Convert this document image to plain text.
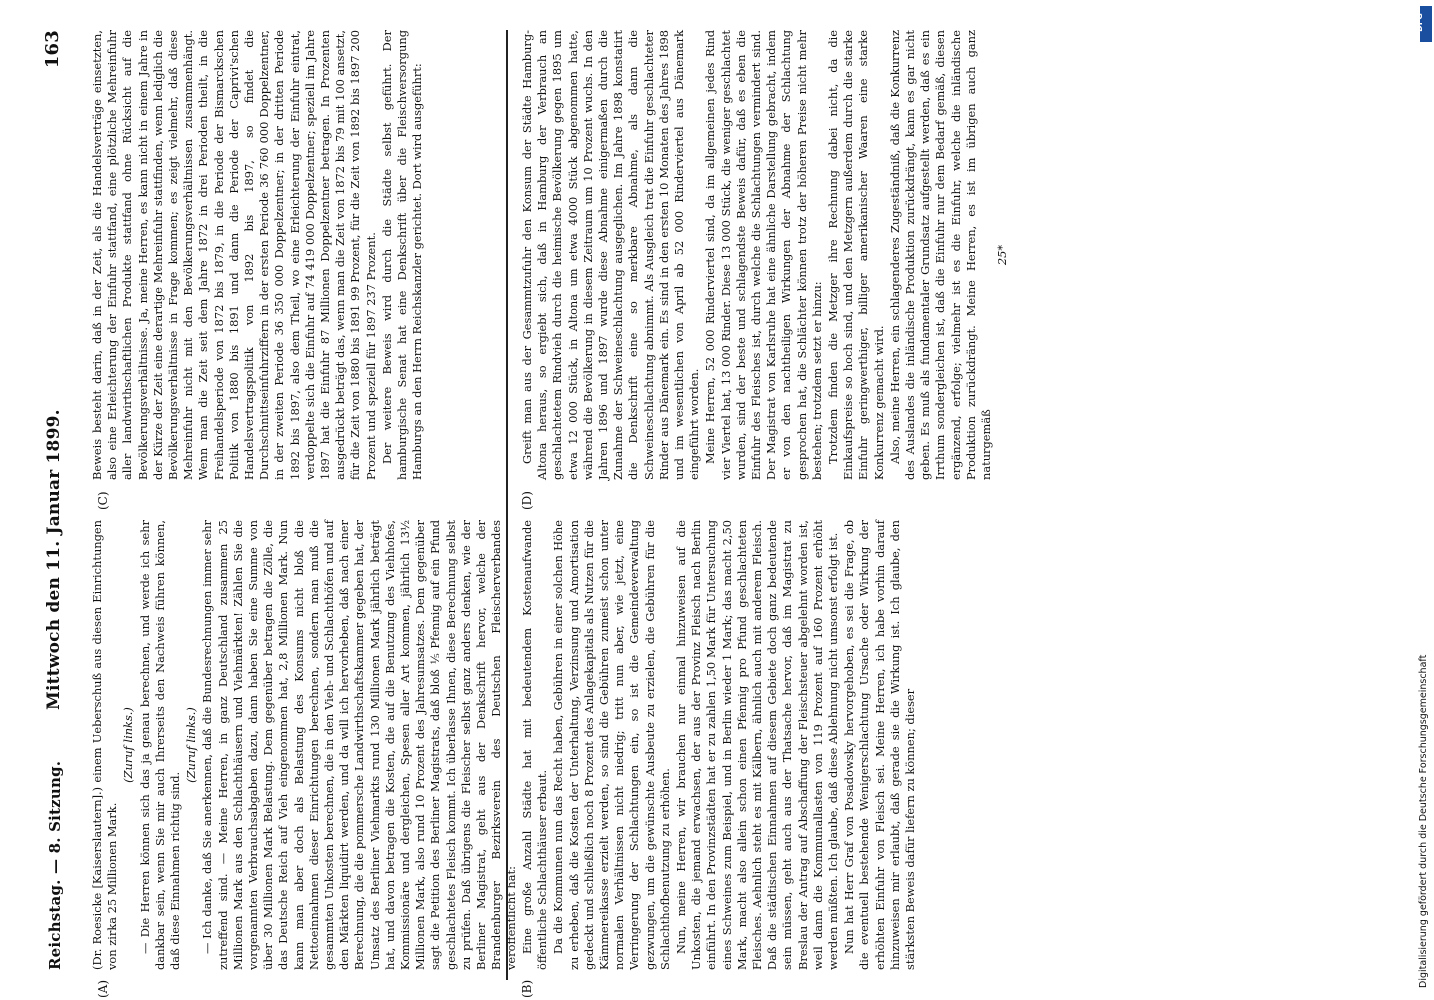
Reichstag. — 8. Sitzung.
Mittwoch den 11. Januar 1899.
163
(A)	(B)
(C)	(D)

(Dr. Roesicke [Kaiserslautern].) einem Ueberschuß aus diesen Einrichtungen von zirka 25 Millionen Mark.

(Zuruf links.) — Die Herren können sich das ja genau berechnen, und werde ich sehr dankbar sein, wenn Sie mir auch Ihrerseits den Nachweis führen können, daß diese Einnahmen richtig sind.

(Zuruf links.) — Ich danke, daß Sie anerkennen, daß die Bundesrechnungen immer sehr zutreffend sind. — Meine Herren, in ganz Deutschland zusammen 25 Millionen Mark aus den Schlachthäusern und Viehmärkten! Zählen Sie die vorgenannten Verbrauchsabgaben dazu, dann haben Sie eine Summe von über 30 Millionen Mark Belastung. Dem gegenüber betragen die Zölle, die das Deutsche Reich auf Vieh eingenommen hat, 2,8 Millionen Mark. Nun kann man aber doch als Belastung des Konsums nicht bloß die Nettoeinnahmen dieser Einrichtungen berechnen, sondern man muß die gesammten Unkosten berechnen, die in den Vieh- und Schlachthöfen und auf den Märkten liquidirt werden, und da will ich hervorheben, daß nach einer Berechnung, die die pommersche Landwirthschaftskammer gegeben hat, der Umsatz des Berliner Viehmarkts rund 130 Millionen Mark jährlich beträgt hat, und davon betragen die Kosten, die auf die Benutzung des Viehhofes, Kommissionäre und dergleichen, Spesen aller Art kommen, jährlich 13½ Millionen Mark, also rund 10 Prozent des Jahresumsatzes. Dem gegenüber sagt die Petition des Berliner Magistrats, daß bloß ⅕ Pfennig auf ein Pfund geschlachtetes Fleisch kommt. Ich überlasse Ihnen, diese Berechnung selbst zu prüfen. Daß übrigens die Fleischer selbst ganz anders denken, wie der Berliner Magistrat, geht aus der Denkschrift hervor, welche der Brandenburger Bezirksverein des Deutschen Fleischerverbandes veröffentlicht hat:

Beweis besteht darin, daß in der Zeit, als die Handelsverträge einsetzten, also eine Erleichterung der Einfuhr stattfand, eine plötzliche Mehreinfuhr aller landwirthschaftlichen Produkte stattfand ohne Rücksicht auf die Bevölkerungsverhältnisse. Ja, meine Herren, es kann nicht in einem Jahre in der Kürze der Zeit eine derartige Mehreinfuhr stattfinden, wenn lediglich die Bevölkerungsverhältnisse in Frage kommen; es zeigt vielmehr, daß diese Mehreinfuhr nicht mit den Bevölkerungsverhältnissen zusammenhängt. Wenn man die Zeit seit dem Jahre 1872 in drei Perioden theilt, in die Freihandelsperiode von 1872 bis 1879, in die Periode der Bismarckschen Politik von 1880 bis 1891 und dann die Periode der Caprivi'schen Handelsvertragspolitik von 1892 bis 1897, so findet die Durchschnittseinfuhrziffern in der ersten Periode 36 760 000 Doppelzentner, in der zweiten Periode 36 350 000 Doppelzentner; in der dritten Periode 1892 bis 1897, also dem Theil, wo eine Erleichterung der Einfuhr eintrat, verdoppelte sich die Einfuhr auf 74 419 000 Doppelzentner; speziell im Jahre 1897 hat die Einfuhr 87 Millionen Doppelzentner betragen. In Prozenten ausgedrückt beträgt das, wenn man die Zeit von 1872 bis 79 mit 100 ansetzt, für die Zeit von 1880 bis 1891 99 Prozent, für die Zeit von 1892 bis 1897 200 Prozent und speziell für 1897 237 Prozent. Der weitere Beweis wird durch die Städte selbst geführt. Der hamburgische Senat hat eine Denkschrift über die Fleischversorgung Hamburgs an den Herrn Reichskanzler gerichtet. Dort wird ausgeführt:

Eine große Anzahl Städte hat mit bedeutendem Kostenaufwande öffentliche Schlachthäuser erbaut. Da die Kommunen nun das Recht haben, Gebühren in einer solchen Höhe zu erheben, daß die Kosten der Unterhaltung, Verzinsung und Amortisation gedeckt und schließlich noch 8 Prozent des Anlagekapitals als Nutzen für die Kämmereikasse erzielt werden, so sind die Gebühren zumeist schon unter normalen Verhältnissen nicht niedrig; tritt nun aber, wie jetzt, eine Verringerung der Schlachtungen ein, so ist die Gemeindeverwaltung gezwungen, um die gewünschte Ausbeute zu erzielen, die Gebühren für die Schlachthofbenutzung zu erhöhen. Nun, meine Herren, wir brauchen nur einmal hinzuweisen auf die Unkosten, die jemand erwachsen, der aus der Provinz Fleisch nach Berlin einführt. In den Provinzstädten hat er zu zahlen 1,50 Mark für Untersuchung eines Schweines zum Beispiel, und in Berlin wieder 1 Mark; das macht 2,50 Mark, macht also allein schon einen Pfennig pro Pfund geschlachteten Fleisches. Aehnlich steht es mit Kälbern, ähnlich auch mit anderem Fleisch. Daß die städtischen Einnahmen auf diesem Gebiete doch ganz bedeutende sein müssen, geht auch aus der Thatsache hervor, daß im Magistrat zu Breslau der Antrag auf Abschaffung der Fleischsteuer abgelehnt worden ist, weil dann die Kommunallasten von 119 Prozent auf 160 Prozent erhöht werden müßten. Ich glaube, daß diese Ablehnung nicht umsonst erfolgt ist. Nun hat Herr Graf von Posadowsky hervorgehoben, es sei die Frage, ob die eventuell bestehende Wenigerschlachtung Ursache oder Wirkung der erhöhten Einfuhr von Fleisch sei. Meine Herren, ich habe vorhin darauf hinzuweisen mir erlaubt, daß gerade sie die Wirkung ist. Ich glaube, den stärksten Beweis dafür liefern zu können; dieser

Greift man aus der Gesammtzufuhr den Konsum der Städte Hamburg-Altona heraus, so ergiebt sich, daß in Hamburg der Verbrauch an geschlachtetem Rindvieh durch die heimische Bevölkerung gegen 1895 um etwa 12 000 Stück, in Altona um etwa 4000 Stück abgenommen hatte, während die Bevölkerung in diesem Zeitraum um 10 Prozent wuchs. In den Jahren 1896 und 1897 wurde diese Abnahme einigermaßen durch die Zunahme der Schweineschlachtung ausgeglichen. Im Jahre 1898 konstatirt die Denkschrift eine so merkbare Abnahme, als dann die Schweineschlachtung abnimmt. Als Ausgleich trat die Einfuhr geschlachteter Rinder aus Dänemark ein. Es sind in den ersten 10 Monaten des Jahres 1898 und im wesentlichen von April ab 52 000 Rinderviertel aus Dänemark eingeführt worden. Meine Herren, 52 000 Rinderviertel sind, da im allgemeinen jedes Rind vier Viertel hat, 13 000 Rinder. Diese 13 000 Stück, die weniger geschlachtet wurden, sind der beste und schlagendste Beweis dafür, daß es eben die Einfuhr des Fleisches ist, durch welche die Schlachtungen vermindert sind. Der Magistrat von Karlsruhe hat eine ähnliche Darstellung gebracht, indem er von den nachtheiligen Wirkungen der Abnahme der Schlachtung gesprochen hat, die Schlächter können trotz der höheren Preise nicht mehr bestehen; trotzdem setzt er hinzu: Trotzdem finden die Metzger ihre Rechnung dabei nicht, da die Einkaufspreise so hoch sind, und den Metzgern außerdem durch die starke Einfuhr geringwerthiger, billiger amerikanischer Waaren eine starke Konkurrenz gemacht wird. Also, meine Herren, ein schlagenderes Zugeständniß, daß die Konkurrenz des Auslandes die inländische Produktion zurückdrängt, kann es gar nicht geben. Es muß als fundamentaler Grundsatz aufgestellt werden, daß es ein Irrthum sondergleichen ist, daß die Einfuhr nur dem Bedarf gemäß, diesen ergänzend, erfolge; vielmehr ist es die Einfuhr, welche die inländische Produktion zurückdrängt. Meine Herren, es ist im übrigen auch ganz naturgemäß

25*

Digitalisierung gefördert durch die Deutsche Forschungsgemeinschaft
DFG
